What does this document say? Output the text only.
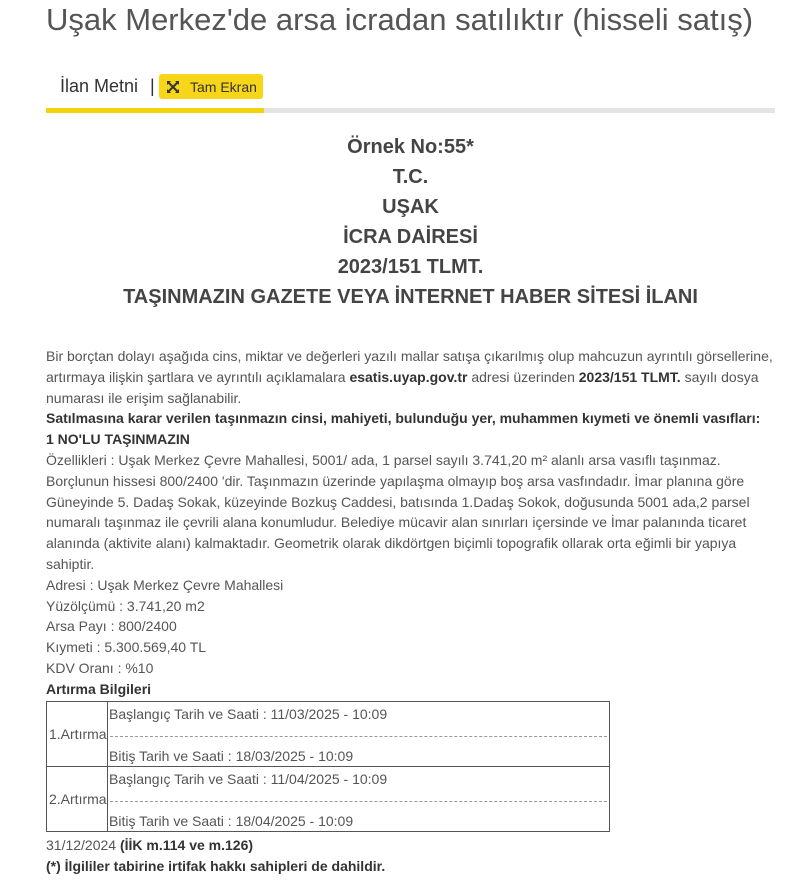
Uşak Merkez'de arsa icradan satılıktır (hisseli satış)
İlan Metni |	Tam Ekran
Örnek No:55*
T.C.
UŞAK
İCRA DAİRESİ
2023/151 TLMT.
TAŞINMAZIN GAZETE VEYA İNTERNET HABER SİTESİ İLANI

Bir borçtan dolayı aşağıda cins, miktar ve değerleri yazılı mallar satışa çıkarılmış olup mahcuzun ayrıntılı görsellerine, artırmaya ilişkin şartlara ve ayrıntılı açıklamalara esatis.uyap.gov.tr adresi üzerinden 2023/151 TLMT. sayılı dosya numarası ile erişim sağlanabilir.

Satılmasına karar verilen taşınmazın cinsi, mahiyeti, bulunduğu yer, muhammen kıymeti ve önemli vasıfları:

1 NO'LU TAŞINMAZIN

Özellikleri : Uşak Merkez Çevre Mahallesi, 5001/ ada, 1 parsel sayılı 3.741,20 m² alanlı arsa vasıflı taşınmaz. Borçlunun hissesi 800/2400 'dir. Taşınmazın üzerinde yapılaşma olmayıp boş arsa vasfındadır. İmar planına göre Güneyinde 5. Dadaş Sokak, küzeyinde Bozkuş Caddesi, batısında 1.Dadaş Sokok, doğusunda 5001 ada,2 parsel numaralı taşınmaz ile çevrili alana konumludur. Belediye mücavir alan sınırları içersinde ve İmar palanında ticaret alanında (aktivite alanı) kalmaktadır. Geometrik olarak dikdörtgen biçimli topografik ollarak orta eğimli bir yapıya sahiptir.

Adresi : Uşak Merkez Çevre Mahallesi

Yüzölçümü : 3.741,20 m2

Arsa Payı : 800/2400

Kıymeti : 5.300.569,40 TL

KDV Oranı : %10

Artırma Bilgileri

1.Artırma	Başlangıç Tarih ve Saati : 11/03/2025 - 10:09
Bitiş Tarih ve Saati : 18/03/2025 - 10:09

2.Artırma	Başlangıç Tarih ve Saati : 11/04/2025 - 10:09
Bitiş Tarih ve Saati : 18/04/2025 - 10:09

31/12/2024 (İİK m.114 ve m.126)

(*) İlgililer tabirine irtifak hakkı sahipleri de dahildir.
